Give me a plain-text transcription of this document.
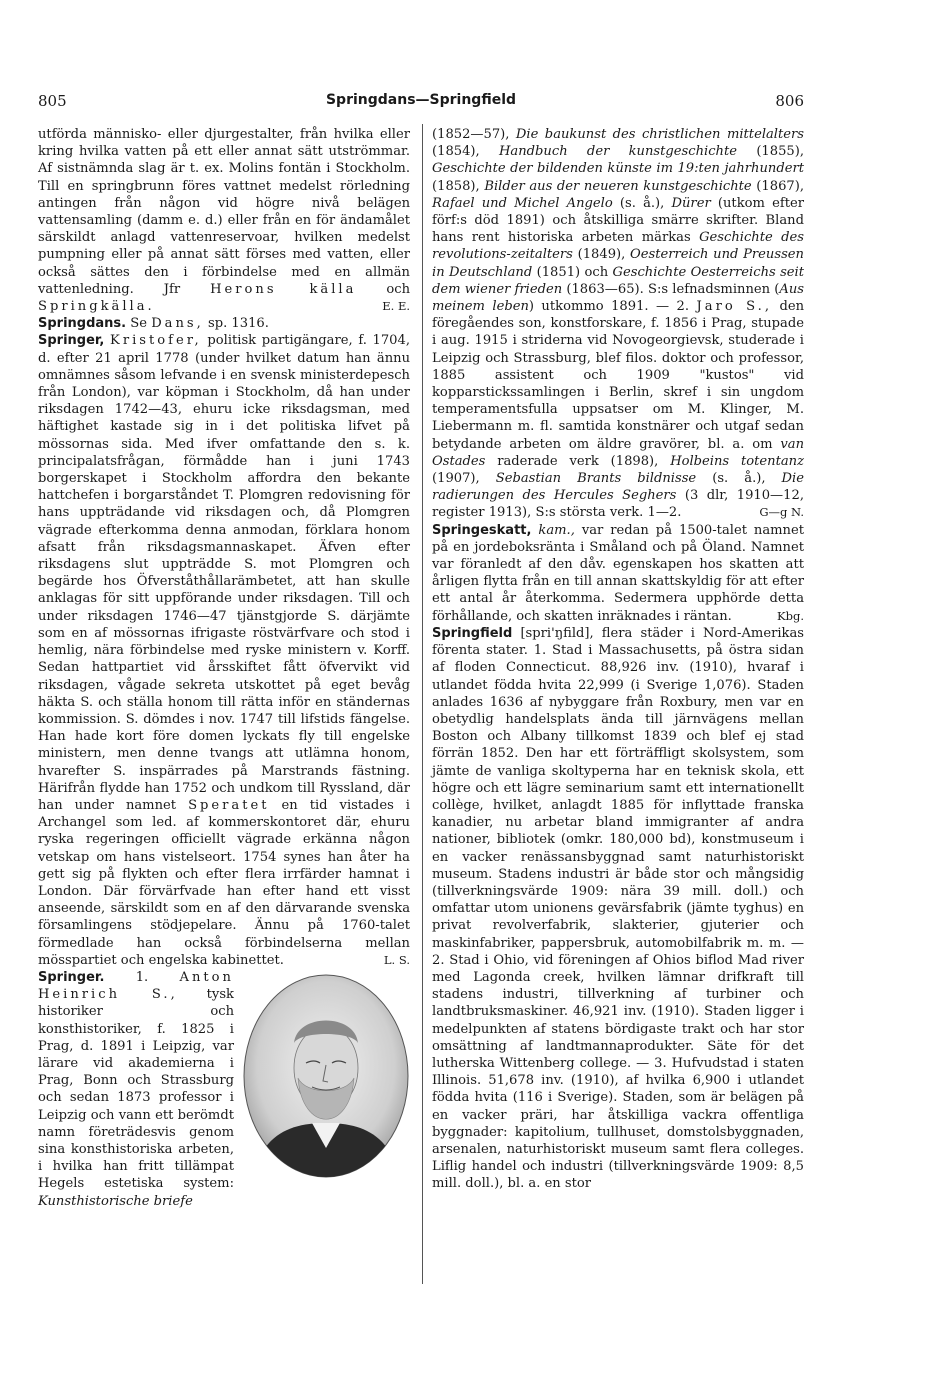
805	Springdans—Springfield	806

utförda människo- eller djurgestalter, från hvilka eller kring hvilka vatten på ett eller annat sätt utströmmar. Af sistnämnda slag är t. ex. Molins fontän i Stockholm. Till en springbrunn föres vattnet medelst rörledning antingen från någon vid högre nivå belägen vattensamling (damm e. d.) eller från en för ändamålet särskildt anlagd vattenreservoar, hvilken medelst pumpning eller på annat sätt förses med vatten, eller också sättes den i förbindelse med en allmän vattenledning. Jfr Herons källa och Springkälla.	E. E.

Springdans. Se Dans, sp. 1316.

Springer, Kristofer, politisk partigängare, f. 1704, d. efter 21 april 1778 (under hvilket datum han ännu omnämnes såsom lefvande i en svensk ministerdepesch från London), var köpman i Stockholm, då han under riksdagen 1742—43, ehuru icke riksdagsman, med häftighet kastade sig in i det politiska lifvet på mössornas sida. Med ifver omfattande den s. k. principalatsfrågan, förmådde han i juni 1743 borgerskapet i Stockholm affordra den bekante hattchefen i borgarståndet T. Plomgren redovisning för hans uppträdande vid riksdagen och, då Plomgren vägrade efterkomma denna anmodan, förklara honom afsatt från riksdagsmannaskapet. Äfven efter riksdagens slut uppträdde S. mot Plomgren och begärde hos Öfverståthållarämbetet, att han skulle anklagas för sitt uppförande under riksdagen. Till och under riksdagen 1746—47 tjänstgjorde S. därjämte som en af mössornas ifrigaste röstvärfvare och stod i hemlig, nära förbindelse med ryske ministern v. Korff. Sedan hattpartiet vid årsskiftet fått öfvervikt vid riksdagen, vågade sekreta utskottet på eget bevåg häkta S. och ställa honom till rätta inför en ständernas kommission. S. dömdes i nov. 1747 till lifstids fängelse. Han hade kort före domen lyckats fly till engelske ministern, men denne tvangs att utlämna honom, hvarefter S. inspärrades på Marstrands fästning. Härifrån flydde han 1752 och undkom till Ryssland, där han under namnet Speratet en tid vistades i Archangel som led. af kommerskontoret där, ehuru ryska regeringen officiellt vägrade erkänna någon vetskap om hans vistelseort. 1754 synes han åter ha gett sig på flykten och efter flera irrfärder hamnat i London. Där förvärfvade han efter hand ett visst anseende, särskildt som en af den därvarande svenska församlingens stödjepelare. Ännu på 1760-talet förmedlade han också förbindelserna mellan mösspartiet och engelska kabinettet.	L. S.

Springer. 1. Anton Heinrich S., tysk historiker och konsthistoriker, f. 1825 i Prag, d. 1891 i Leipzig, var lärare vid akademierna i Prag, Bonn och Strassburg och sedan 1873 professor i Leipzig och vann ett berömdt namn företrädesvis genom sina konsthistoriska arbeten, i hvilka han fritt tillämpat Hegels estetiska system: Kunsthistorische briefe

(1852—57), Die baukunst des christlichen mittelalters (1854), Handbuch der kunstgeschichte (1855), Geschichte der bildenden künste im 19:ten jahrhundert (1858), Bilder aus der neueren kunstgeschichte (1867), Rafael und Michel Angelo (s. å.), Dürer (utkom efter förf:s död 1891) och åtskilliga smärre skrifter. Bland hans rent historiska arbeten märkas Geschichte des revolutions-zeitalters (1849), Oesterreich und Preussen in Deutschland (1851) och Geschichte Oesterreichs seit dem wiener frieden (1863—65). S:s lefnadsminnen (Aus meinem leben) utkommo 1891. — 2. Jaro S., den föregåendes son, konstforskare, f. 1856 i Prag, stupade i aug. 1915 i striderna vid Novogeorgievsk, studerade i Leipzig och Strassburg, blef filos. doktor och professor, 1885 assistent och 1909 "kustos" vid kopparstickssamlingen i Berlin, skref i sin ungdom temperamentsfulla uppsatser om M. Klinger, M. Liebermann m. fl. samtida konstnärer och utgaf sedan betydande arbeten om äldre gravörer, bl. a. om van Ostades raderade verk (1898), Holbeins totentanz (1907), Sebastian Brants bildnisse (s. å.), Die radierungen des Hercules Seghers (3 dlr, 1910—12, register 1913), S:s största verk. 1—2.	G—g N.

Springeskatt, kam., var redan på 1500-talet namnet på en jordeboksränta i Småland och på Öland. Namnet var föranledt af den dåv. egenskapen hos skatten att årligen flytta från en till annan skattskyldig för att efter ett antal år återkomma. Sedermera upphörde detta förhållande, och skatten inräknades i räntan.	Kbg.

Springfield [spri'ŋfild], flera städer i Nord-Amerikas förenta stater. 1. Stad i Massachusetts, på östra sidan af floden Connecticut. 88,926 inv. (1910), hvaraf i utlandet födda hvita 22,999 (i Sverige 1,076). Staden anlades 1636 af nybyggare från Roxbury, men var en obetydlig handelsplats ända till järnvägens mellan Boston och Albany tillkomst 1839 och blef ej stad förrän 1852. Den har ett förträffligt skolsystem, som jämte de vanliga skoltyperna har en teknisk skola, ett högre och ett lägre seminarium samt ett internationellt collège, hvilket, anlagdt 1885 för inflyttade franska kanadier, nu arbetar bland immigranter af andra nationer, bibliotek (omkr. 180,000 bd), konstmuseum i en vacker renässansbyggnad samt naturhistoriskt museum. Stadens industri är både stor och mångsidig (tillverkningsvärde 1909: nära 39 mill. doll.) och omfattar utom unionens gevärsfabrik (jämte tyghus) en privat revolverfabrik, slakterier, gjuterier och maskinfabriker, pappersbruk, automobilfabrik m. m. — 2. Stad i Ohio, vid föreningen af Ohios biflod Mad river med Lagonda creek, hvilken lämnar drifkraft till stadens industri, tillverkning af turbiner och landtbruksmaskiner. 46,921 inv. (1910). Staden ligger i medelpunkten af statens bördigaste trakt och har stor omsättning af landtmannaprodukter. Säte för det lutherska Wittenberg college. — 3. Hufvudstad i staten Illinois. 51,678 inv. (1910), af hvilka 6,900 i utlandet födda hvita (116 i Sverige). Staden, som är belägen på en vacker präri, har åtskilliga vackra offentliga byggnader: kapitolium, tullhuset, domstolsbyggnaden, arsenalen, naturhistoriskt museum samt flera colleges. Liflig handel och industri (tillverkningsvärde 1909: 8,5 mill. doll.), bl. a. en stor
